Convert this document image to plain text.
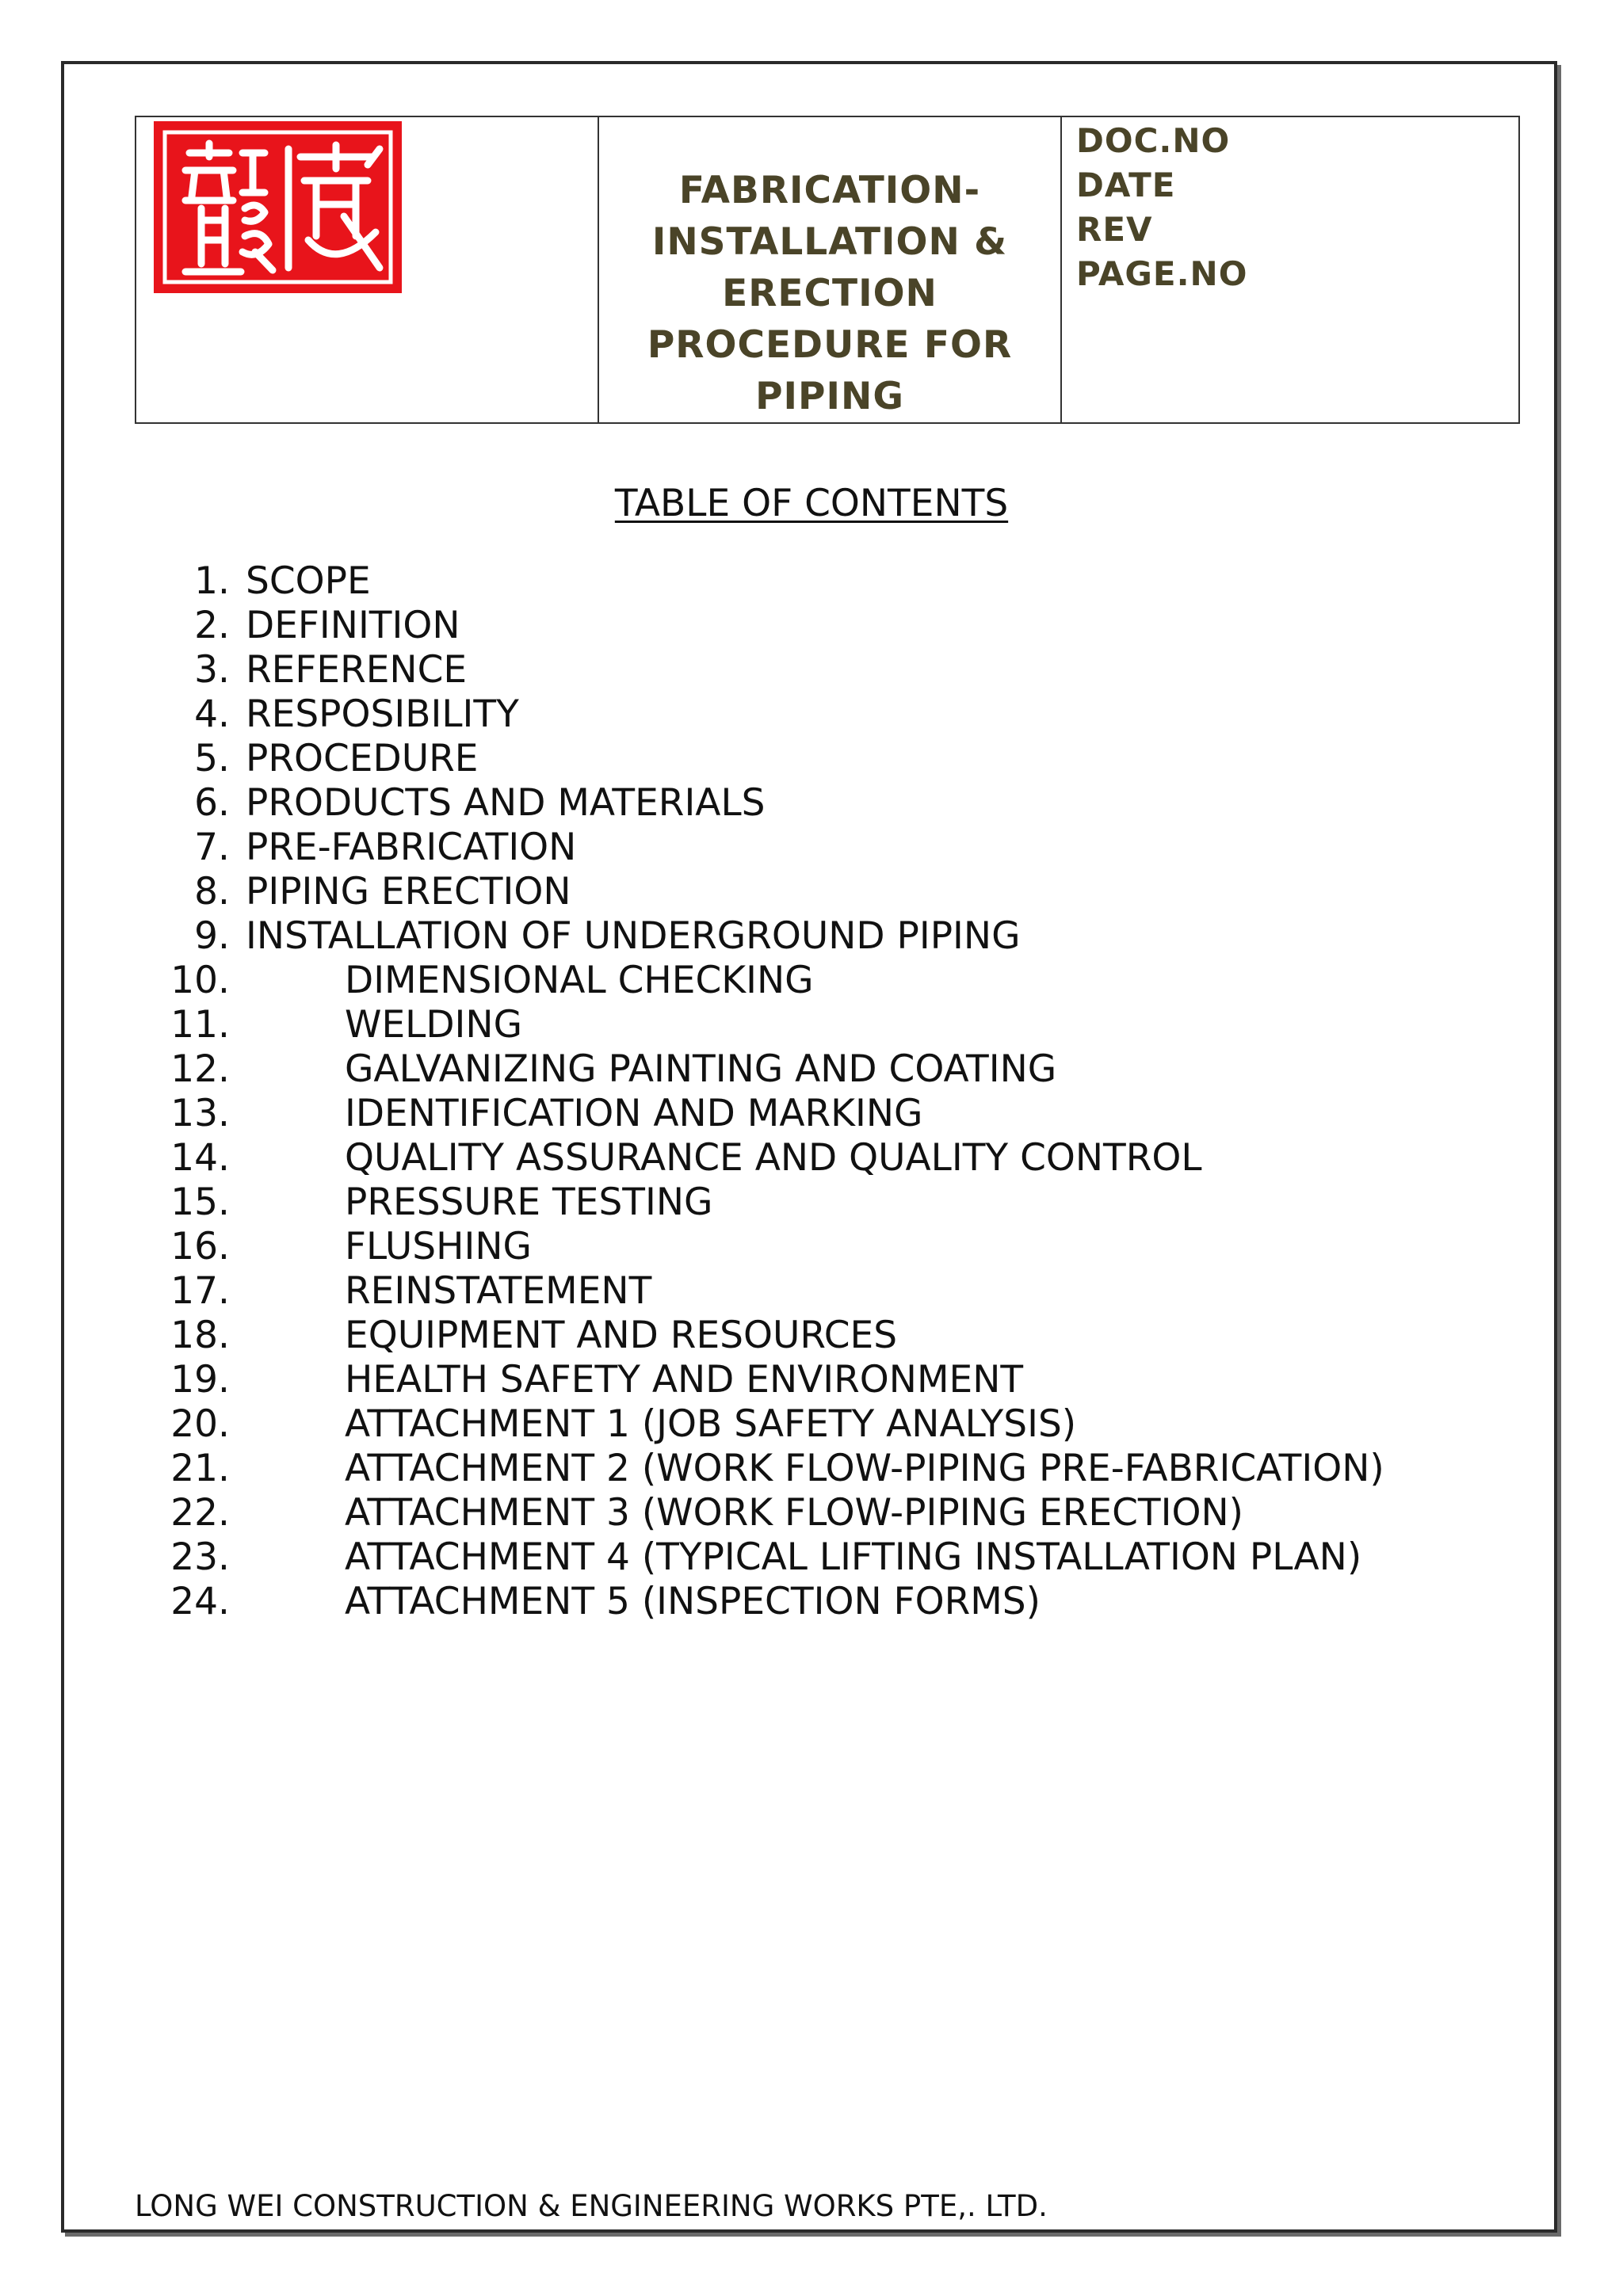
FABRICATION-INSTALLATION & ERECTION PROCEDURE FOR PIPING

DOC.NO
DATE
REV
PAGE.NO
TABLE OF CONTENTS
1. SCOPE
2. DEFINITION
3. REFERENCE
4. RESPOSIBILITY
5. PROCEDURE
6. PRODUCTS AND MATERIALS
7. PRE-FABRICATION
8. PIPING ERECTION
9. INSTALLATION OF UNDERGROUND PIPING
10.	DIMENSIONAL CHECKING
11.	WELDING
12.	GALVANIZING PAINTING AND COATING
13.	IDENTIFICATION AND MARKING
14.	QUALITY ASSURANCE AND QUALITY CONTROL
15.	PRESSURE TESTING
16.	FLUSHING
17.	REINSTATEMENT
18.	EQUIPMENT AND RESOURCES
19.	HEALTH SAFETY AND ENVIRONMENT
20.	ATTACHMENT 1 (JOB SAFETY ANALYSIS)
21.	ATTACHMENT 2 (WORK FLOW-PIPING PRE-FABRICATION)
22.	ATTACHMENT 3 (WORK FLOW-PIPING ERECTION)
23.	ATTACHMENT 4 (TYPICAL LIFTING INSTALLATION PLAN)
24.	ATTACHMENT 5 (INSPECTION FORMS)
LONG WEI CONSTRUCTION & ENGINEERING WORKS PTE,. LTD.
